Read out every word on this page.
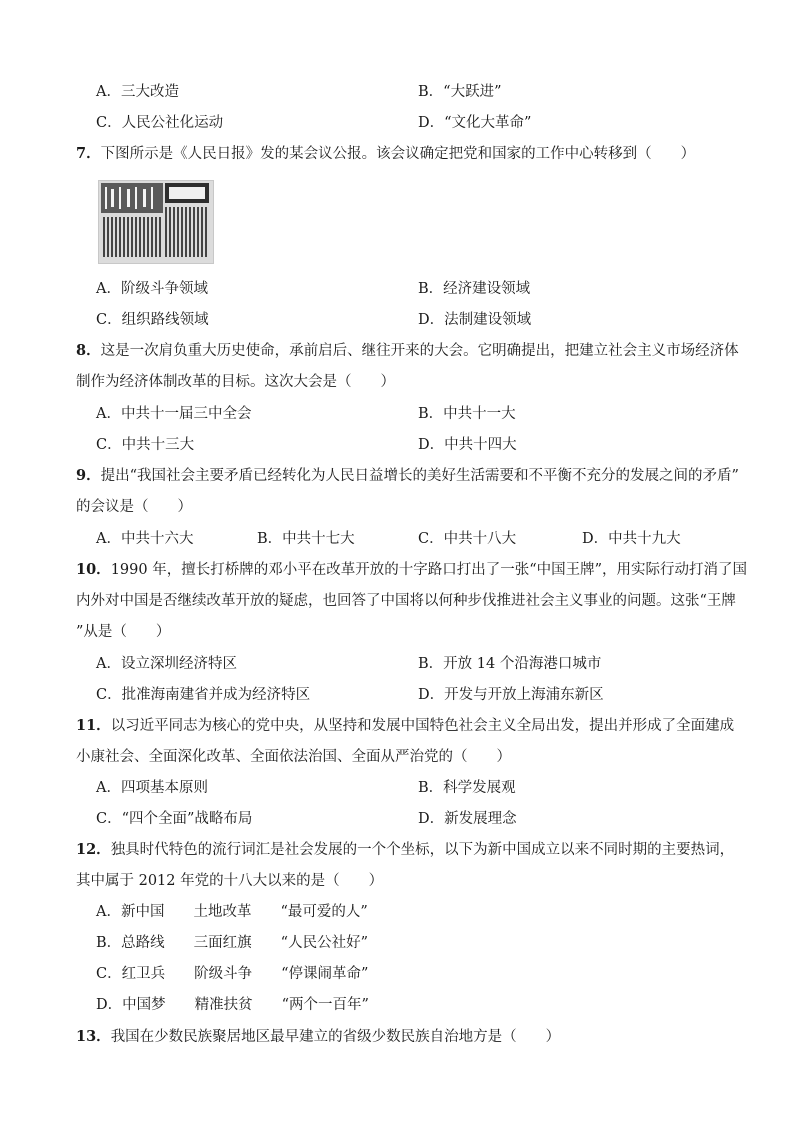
A．三大改造	B．“大跃进”
C．人民公社化运动	D．“文化大革命”
7．下图所示是《人民日报》发的某会议公报。该会议确定把党和国家的工作中心转移到（　　）
A．阶级斗争领域	B．经济建设领域
C．组织路线领域	D．法制建设领域
8．这是一次肩负重大历史使命，承前启后、继往开来的大会。它明确提出，把建立社会主义市场经济体
制作为经济体制改革的目标。这次大会是（　　）
A．中共十一届三中全会	B．中共十一大
C．中共十三大	D．中共十四大
9．提出“我国社会主要矛盾已经转化为人民日益增长的美好生活需要和不平衡不充分的发展之间的矛盾”
的会议是（　　）
A．中共十六大	B．中共十七大	C．中共十八大	D．中共十九大
10．1990 年，擅长打桥牌的邓小平在改革开放的十字路口打出了一张“中国王牌”，用实际行动打消了国
内外对中国是否继续改革开放的疑虑，也回答了中国将以何种步伐推进社会主义事业的问题。这张“王牌
”从是（　　）
A．设立深圳经济特区	B．开放 14 个沿海港口城市
C．批准海南建省并成为经济特区	D．开发与开放上海浦东新区
11．以习近平同志为核心的党中央，从坚持和发展中国特色社会主义全局出发，提出并形成了全面建成
小康社会、全面深化改革、全面依法治国、全面从严治党的（　　）
A．四项基本原则	B．科学发展观
C．“四个全面”战略布局	D．新发展理念
12．独具时代特色的流行词汇是社会发展的一个个坐标，以下为新中国成立以来不同时期的主要热词，
其中属于 2012 年党的十八大以来的是（　　）
A．新中国　　土地改革　　“最可爱的人”
B．总路线　　三面红旗　　“人民公社好”
C．红卫兵　　阶级斗争　　“停课闹革命”
D．中国梦　　精准扶贫　　“两个一百年”
13．我国在少数民族聚居地区最早建立的省级少数民族自治地方是（　　）
